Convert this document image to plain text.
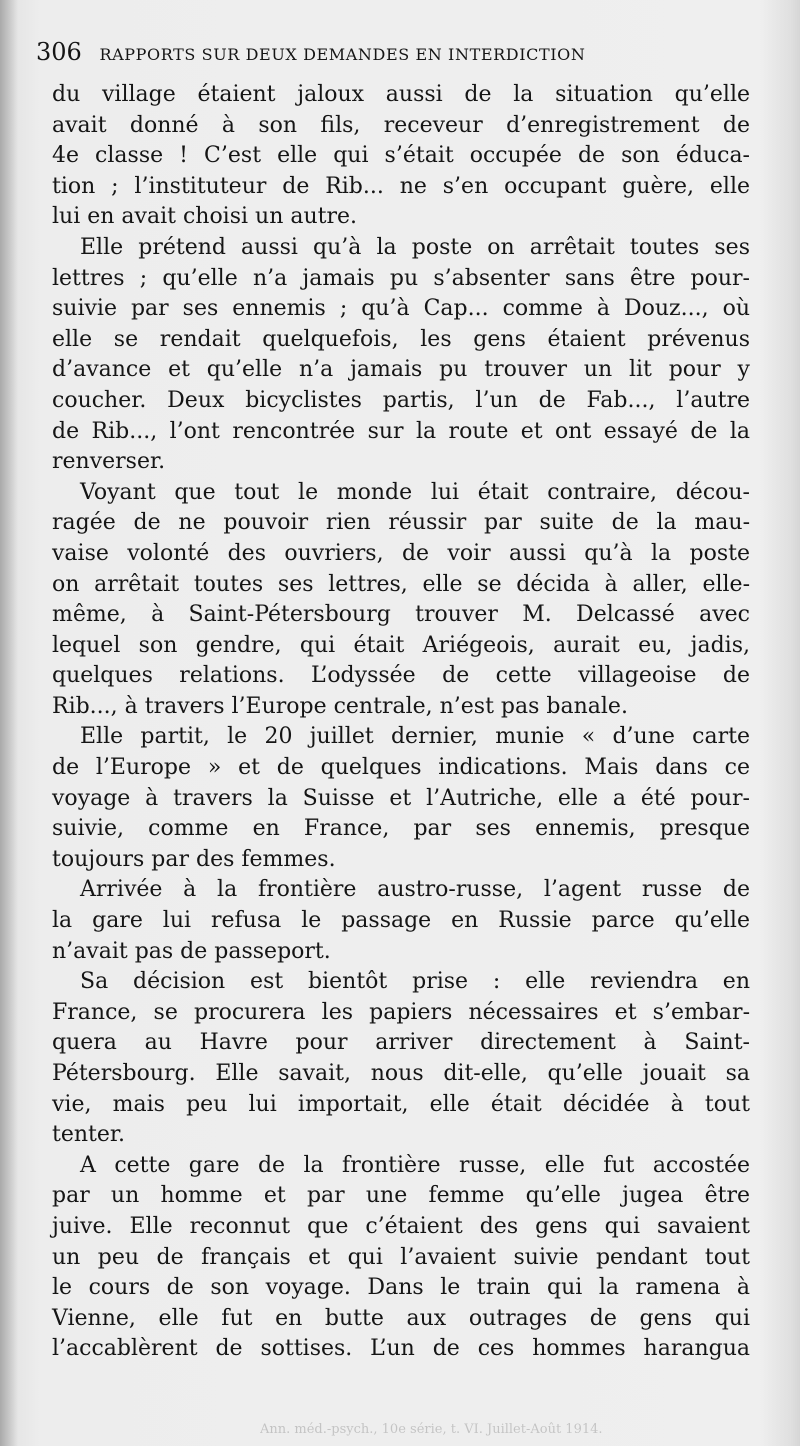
306 RAPPORTS SUR DEUX DEMANDES EN INTERDICTION
du village étaient jaloux aussi de la situation qu’elle
avait donné à son fils, receveur d’enregistrement de
4e classe ! C’est elle qui s’était occupée de son éduca-
tion ; l’instituteur de Rib... ne s’en occupant guère, elle
lui en avait choisi un autre.
Elle prétend aussi qu’à la poste on arrêtait toutes ses
lettres ; qu’elle n’a jamais pu s’absenter sans être pour-
suivie par ses ennemis ; qu’à Cap... comme à Douz..., où
elle se rendait quelquefois, les gens étaient prévenus
d’avance et qu’elle n’a jamais pu trouver un lit pour y
coucher. Deux bicyclistes partis, l’un de Fab..., l’autre
de Rib..., l’ont rencontrée sur la route et ont essayé de la
renverser.
Voyant que tout le monde lui était contraire, décou-
ragée de ne pouvoir rien réussir par suite de la mau-
vaise volonté des ouvriers, de voir aussi qu’à la poste
on arrêtait toutes ses lettres, elle se décida à aller, elle-
même, à Saint-Pétersbourg trouver M. Delcassé avec
lequel son gendre, qui était Ariégeois, aurait eu, jadis,
quelques relations. L’odyssée de cette villageoise de
Rib..., à travers l’Europe centrale, n’est pas banale.
Elle partit, le 20 juillet dernier, munie « d’une carte
de l’Europe » et de quelques indications. Mais dans ce
voyage à travers la Suisse et l’Autriche, elle a été pour-
suivie, comme en France, par ses ennemis, presque
toujours par des femmes.
Arrivée à la frontière austro-russe, l’agent russe de
la gare lui refusa le passage en Russie parce qu’elle
n’avait pas de passeport.
Sa décision est bientôt prise : elle reviendra en
France, se procurera les papiers nécessaires et s’embar-
quera au Havre pour arriver directement à Saint-
Pétersbourg. Elle savait, nous dit-elle, qu’elle jouait sa
vie, mais peu lui importait, elle était décidée à tout
tenter.
A cette gare de la frontière russe, elle fut accostée
par un homme et par une femme qu’elle jugea être
juive. Elle reconnut que c’étaient des gens qui savaient
un peu de français et qui l’avaient suivie pendant tout
le cours de son voyage. Dans le train qui la ramena à
Vienne, elle fut en butte aux outrages de gens qui
l’accablèrent de sottises. L’un de ces hommes harangua
Ann. méd.-psych., 10e série, t. VI. Juillet-Août 1914.
